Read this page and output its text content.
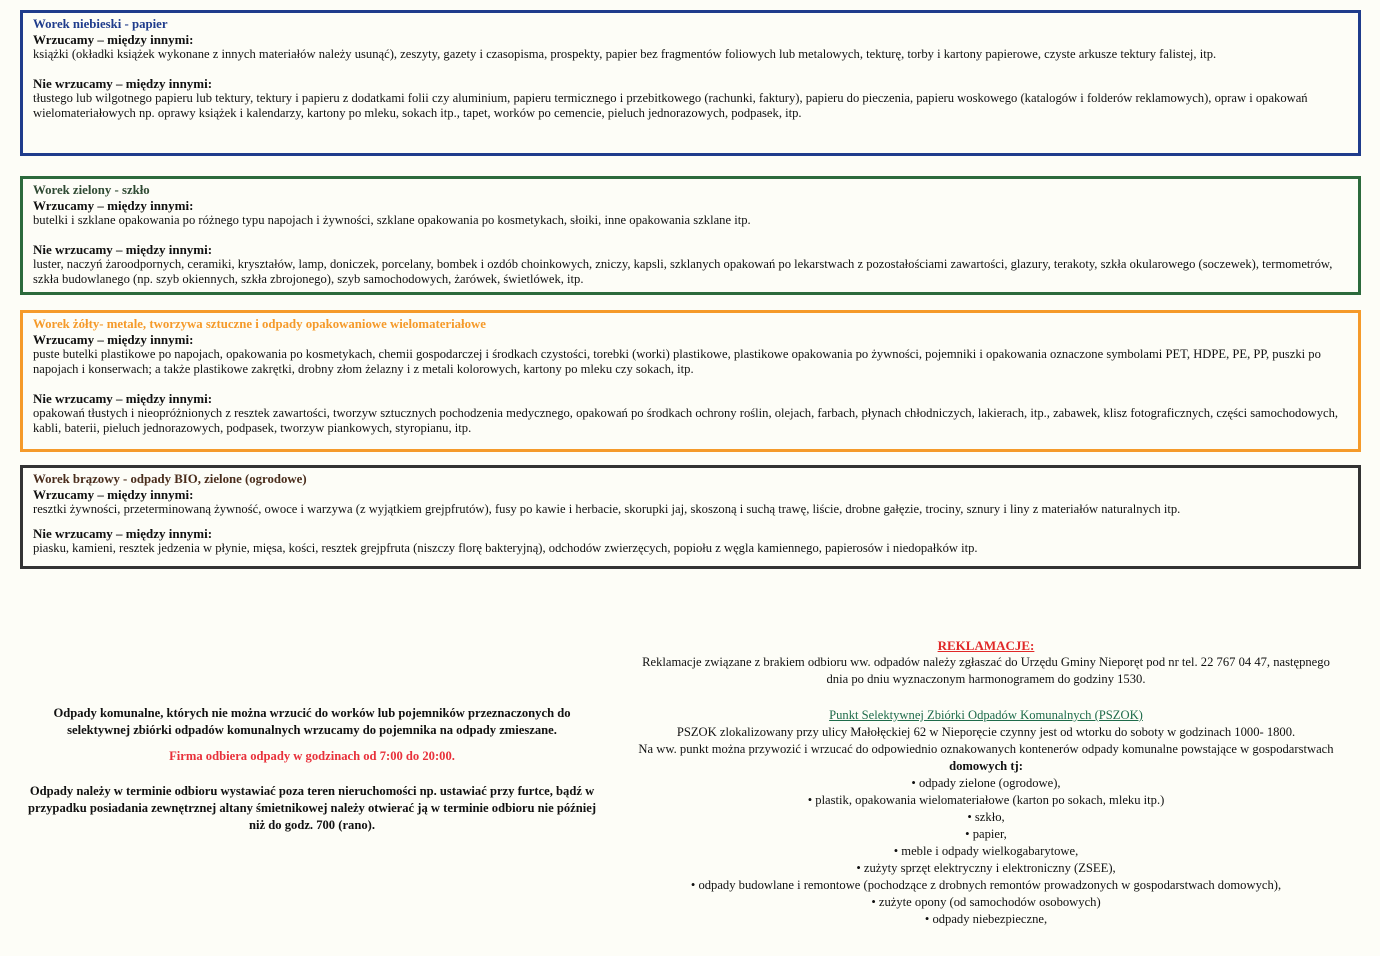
Worek niebieski - papier
Wrzucamy – między innymi:

książki (okładki książek wykonane z innych materiałów należy usunąć), zeszyty, gazety i czasopisma, prospekty, papier bez fragmentów foliowych lub metalowych, tekturę, torby i kartony papierowe, czyste arkusze tektury falistej, itp.

Nie wrzucamy – między innymi:

tłustego lub wilgotnego papieru lub tektury, tektury i papieru z dodatkami folii czy aluminium, papieru termicznego i przebitkowego (rachunki, faktury), papieru do pieczenia, papieru woskowego (katalogów i folderów reklamowych), opraw i opakowań wielomateriałowych np. oprawy książek i kalendarzy, kartony po mleku, sokach itp., tapet, worków po cemencie, pieluch jednorazowych, podpasek, itp.

Worek zielony - szkło
Wrzucamy – między innymi:

butelki i szklane opakowania po różnego typu napojach i żywności, szklane opakowania po kosmetykach, słoiki, inne opakowania szklane itp.

Nie wrzucamy – między innymi:

luster, naczyń żaroodpornych, ceramiki, kryształów, lamp, doniczek, porcelany, bombek i ozdób choinkowych, zniczy, kapsli, szklanych opakowań po lekarstwach z pozostałościami zawartości, glazury, terakoty, szkła okularowego (soczewek), termometrów, szkła budowlanego (np. szyb okiennych, szkła zbrojonego), szyb samochodowych, żarówek, świetlówek, itp.

Worek żółty- metale, tworzywa sztuczne i odpady opakowaniowe wielomateriałowe
Wrzucamy – między innymi:

puste butelki plastikowe po napojach, opakowania po kosmetykach, chemii gospodarczej i środkach czystości, torebki (worki) plastikowe, plastikowe opakowania po żywności, pojemniki i opakowania oznaczone symbolami PET, HDPE, PE, PP, puszki po napojach i konserwach; a także plastikowe zakrętki, drobny złom żelazny i z metali kolorowych, kartony po mleku czy sokach, itp.

Nie wrzucamy – między innymi:

opakowań tłustych i nieopróżnionych z resztek zawartości, tworzyw sztucznych pochodzenia medycznego, opakowań po środkach ochrony roślin, olejach, farbach, płynach chłodniczych, lakierach, itp., zabawek, klisz fotograficznych, części samochodowych, kabli, baterii, pieluch jednorazowych, podpasek, tworzyw piankowych, styropianu, itp.

Worek brązowy - odpady BIO, zielone (ogrodowe)
Wrzucamy – między innymi:

resztki żywności, przeterminowaną żywność, owoce i warzywa (z wyjątkiem grejpfrutów), fusy po kawie i herbacie, skorupki jaj, skoszoną i suchą trawę, liście, drobne gałęzie, trociny, sznury i liny z materiałów naturalnych itp.

Nie wrzucamy – między innymi:

piasku, kamieni, resztek jedzenia w płynie, mięsa, kości, resztek grejpfruta (niszczy florę bakteryjną), odchodów zwierzęcych, popiołu z węgla kamiennego, papierosów i niedopałków itp.

Odpady komunalne, których nie można wrzucić do worków lub pojemników przeznaczonych do selektywnej zbiórki odpadów komunalnych wrzucamy do pojemnika na odpady zmieszane.

Firma odbiera odpady w godzinach od 7:00 do 20:00.

Odpady należy w terminie odbioru wystawiać poza teren nieruchomości np. ustawiać przy furtce, bądź w przypadku posiadania zewnętrznej altany śmietnikowej należy otwierać ją w terminie odbioru nie później niż do godz. 700 (rano).

REKLAMACJE:

Reklamacje związane z brakiem odbioru ww. odpadów należy zgłaszać do Urzędu Gminy Nieporęt pod nr tel. 22 767 04 47, następnego

dnia po dniu wyznaczonym harmonogramem do godziny 1530.

Punkt Selektywnej Zbiórki Odpadów Komunalnych (PSZOK)

PSZOK zlokalizowany przy ulicy Małołęckiej 62 w Nieporęcie czynny jest od wtorku do soboty w godzinach 1000- 1800.

Na ww. punkt można przywozić i wrzucać do odpowiednio oznakowanych kontenerów odpady komunalne powstające w gospodarstwach

domowych tj:

• odpady zielone (ogrodowe),
• plastik, opakowania wielomateriałowe (karton po sokach, mleku itp.)
• szkło,
• papier,
• meble i odpady wielkogabarytowe,
• zużyty sprzęt elektryczny i elektroniczny (ZSEE),
• odpady budowlane i remontowe (pochodzące z drobnych remontów prowadzonych w gospodarstwach domowych),
• zużyte opony (od samochodów osobowych)
• odpady niebezpieczne,
